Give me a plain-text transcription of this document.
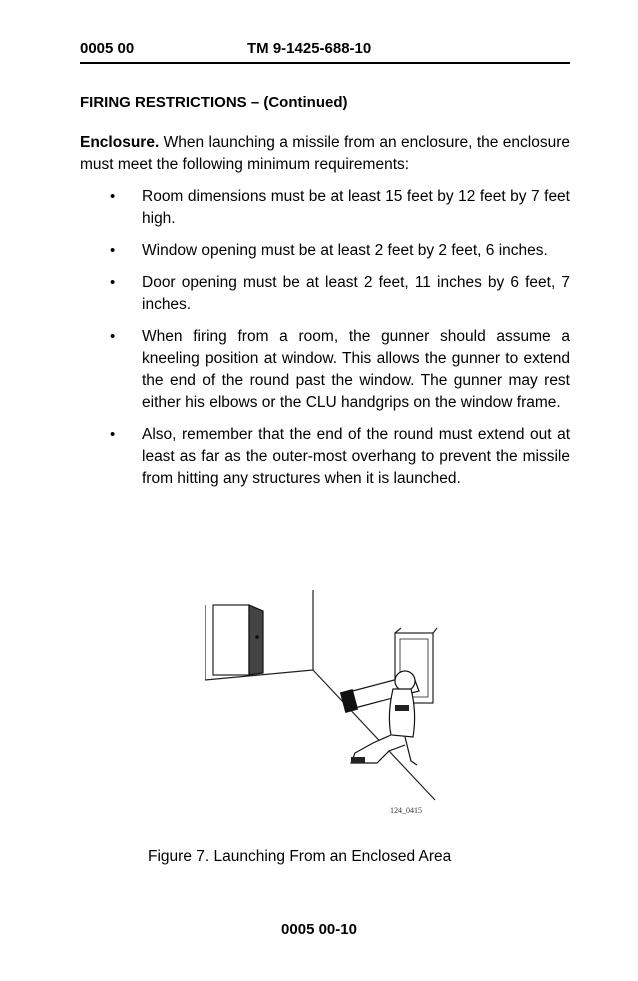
0005 00	TM 9-1425-688-10
FIRING RESTRICTIONS – (Continued)
Enclosure. When launching a missile from an enclosure, the enclosure must meet the following minimum requirements:
• Room dimensions must be at least 15 feet by 12 feet by 7 feet high.
• Window opening must be at least 2 feet by 2 feet, 6 inches.
• Door opening must be at least 2 feet, 11 inches by 6 feet, 7 inches.
• When firing from a room, the gunner should assume a kneeling position at window. This allows the gunner to extend the end of the round past the window. The gunner may rest either his elbows or the CLU handgrips on the window frame.
• Also, remember that the end of the round must extend out at least as far as the outer-most overhang to prevent the missile from hitting any structures when it is launched.
124_0415
Figure 7. Launching From an Enclosed Area
0005 00-10
